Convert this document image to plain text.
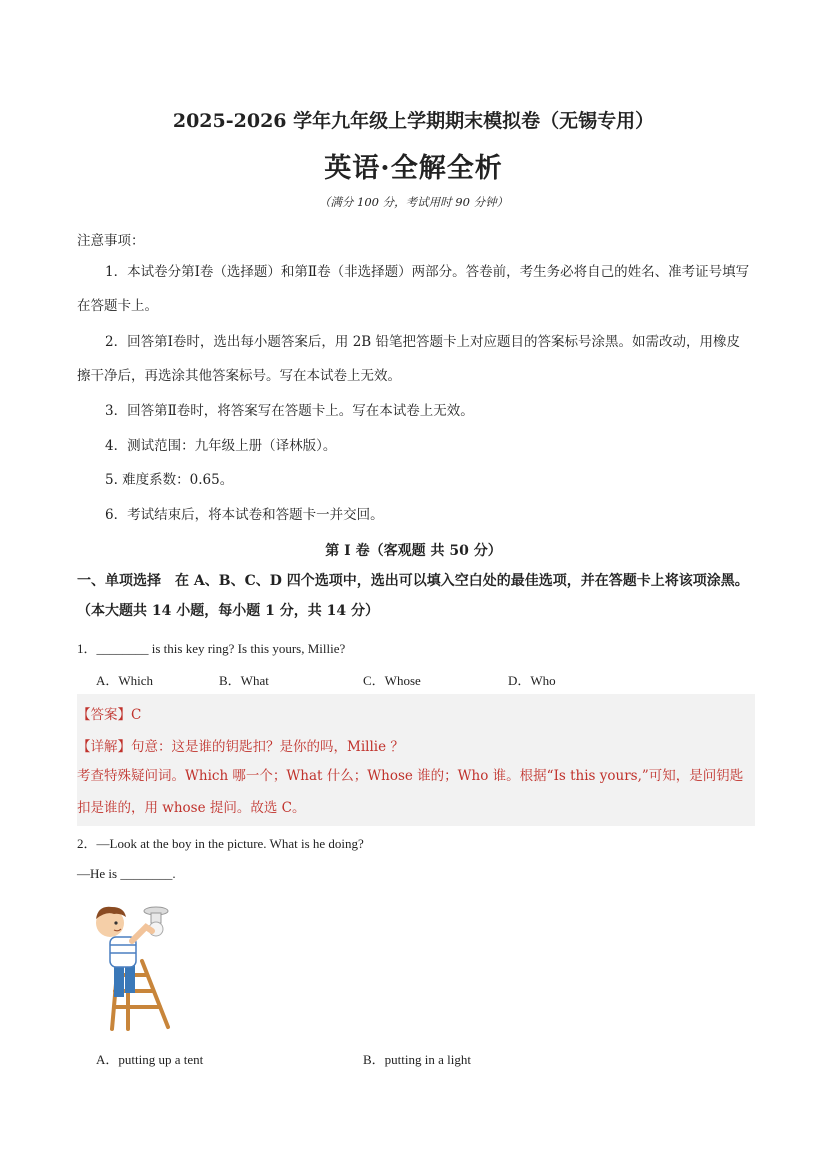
2025-2026 学年九年级上学期期末模拟卷（无锡专用）
英语·全解全析
（满分 100 分，考试用时 90 分钟）
注意事项：
1．本试卷分第Ⅰ卷（选择题）和第Ⅱ卷（非选择题）两部分。答卷前，考生务必将自己的姓名、准考证号填写在答题卡上。
2．回答第Ⅰ卷时，选出每小题答案后，用 2B 铅笔把答题卡上对应题目的答案标号涂黑。如需改动，用橡皮擦干净后，再选涂其他答案标号。写在本试卷上无效。
3．回答第Ⅱ卷时，将答案写在答题卡上。写在本试卷上无效。
4．测试范围：九年级上册（译林版）。
5. 难度系数：0.65。
6．考试结束后，将本试卷和答题卡一并交回。
第 I 卷（客观题 共 50 分）
一、单项选择　在 A、B、C、D 四个选项中，选出可以填入空白处的最佳选项，并在答题卡上将该项涂黑。（本大题共 14 小题，每小题 1 分，共 14 分）
1．________ is this key ring? Is this yours, Millie?
A．Which	B．What	C．Whose	D．Who
【答案】C
【详解】句意：这是谁的钥匙扣？是你的吗，Millie ？
考查特殊疑问词。Which 哪一个；What 什么；Whose 谁的；Who 谁。根据“Is this yours,”可知，是问钥匙扣是谁的，用 whose 提问。故选 C。
2．—Look at the boy in the picture. What is he doing?
—He is ________.
A．putting up a tent	B．putting in a light
